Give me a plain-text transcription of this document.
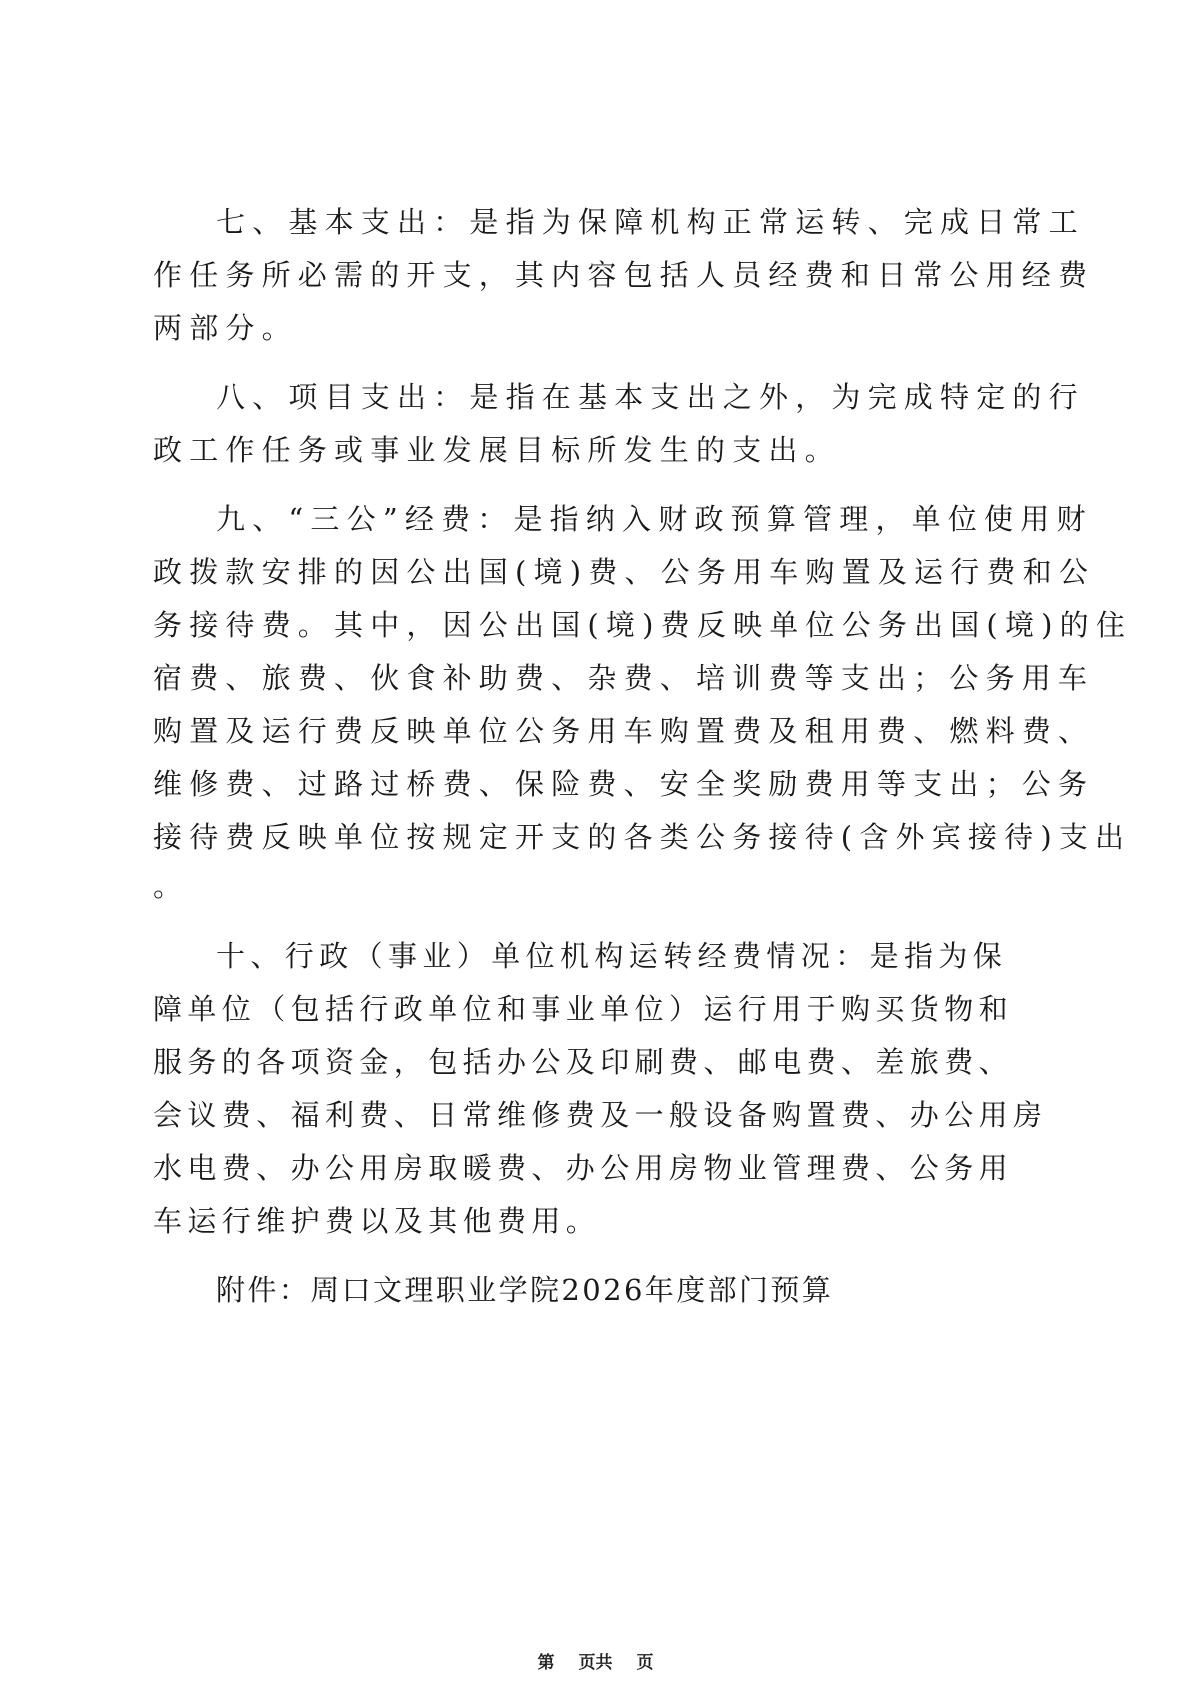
七、基本支出：是指为保障机构正常运转、完成日常工
作任务所必需的开支，其内容包括人员经费和日常公用经费
两部分。
八、项目支出：是指在基本支出之外，为完成特定的行
政工作任务或事业发展目标所发生的支出。
九、“三公”经费：是指纳入财政预算管理，单位使用财
政拨款安排的因公出国(境)费、公务用车购置及运行费和公
务接待费。其中，因公出国(境)费反映单位公务出国(境)的住
宿费、旅费、伙食补助费、杂费、培训费等支出；公务用车
购置及运行费反映单位公务用车购置费及租用费、燃料费、
维修费、过路过桥费、保险费、安全奖励费用等支出；公务
接待费反映单位按规定开支的各类公务接待(含外宾接待)支出
。
十、行政（事业）单位机构运转经费情况：是指为保
障单位（包括行政单位和事业单位）运行用于购买货物和
服务的各项资金，包括办公及印刷费、邮电费、差旅费、
会议费、福利费、日常维修费及一般设备购置费、办公用房
水电费、办公用房取暖费、办公用房物业管理费、公务用
车运行维护费以及其他费用。
附件：周口文理职业学院2026年度部门预算
第 页共 页
